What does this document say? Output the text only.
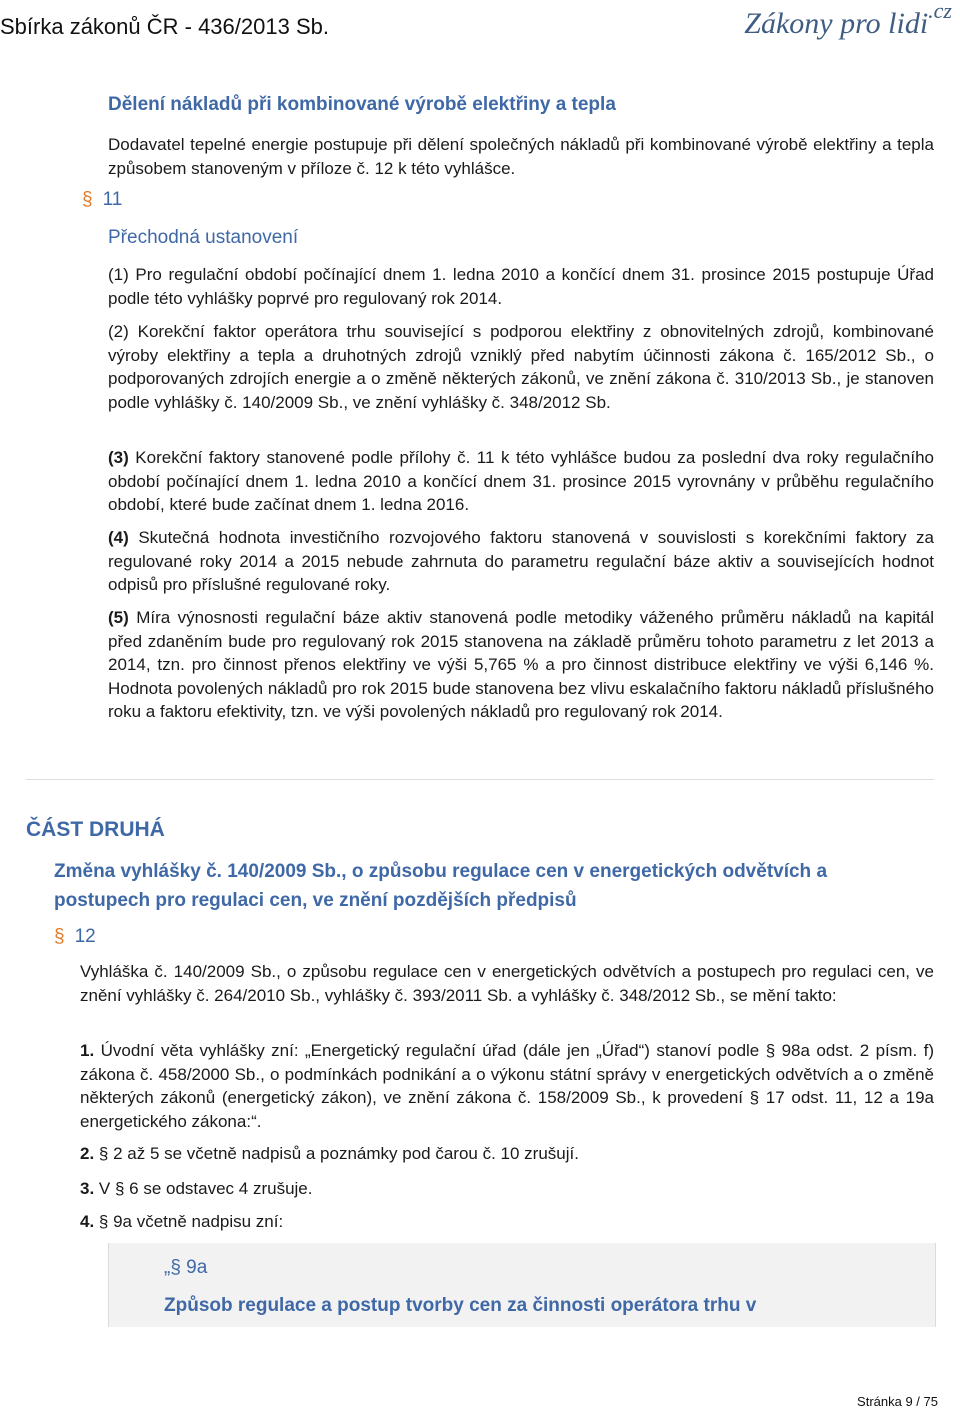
Sbírka zákonů ČR - 436/2013 Sb.	Zákony pro lidi$^{.cz}$
Dělení nákladů při kombinované výrobě elektřiny a tepla
Dodavatel tepelné energie postupuje při dělení společných nákladů při kombinované výrobě elektřiny a tepla způsobem stanoveným v příloze č. 12 k této vyhlášce.
§ 11
Přechodná ustanovení
(1) Pro regulační období počínající dnem 1. ledna 2010 a končící dnem 31. prosince 2015 postupuje Úřad podle této vyhlášky poprvé pro regulovaný rok 2014.
(2) Korekční faktor operátora trhu související s podporou elektřiny z obnovitelných zdrojů, kombinované výroby elektřiny a tepla a druhotných zdrojů vzniklý před nabytím účinnosti zákona č. 165/2012 Sb., o podporovaných zdrojích energie a o změně některých zákonů, ve znění zákona č. 310/2013 Sb., je stanoven podle vyhlášky č. 140/2009 Sb., ve znění vyhlášky č. 348/2012 Sb.
(3) Korekční faktory stanovené podle přílohy č. 11 k této vyhlášce budou za poslední dva roky regulačního období počínající dnem 1. ledna 2010 a končící dnem 31. prosince 2015 vyrovnány v průběhu regulačního období, které bude začínat dnem 1. ledna 2016.
(4) Skutečná hodnota investičního rozvojového faktoru stanovená v souvislosti s korekčními faktory za regulované roky 2014 a 2015 nebude zahrnuta do parametru regulační báze aktiv a souvisejících hodnot odpisů pro příslušné regulované roky.
(5) Míra výnosnosti regulační báze aktiv stanovená podle metodiky váženého průměru nákladů na kapitál před zdaněním bude pro regulovaný rok 2015 stanovena na základě průměru tohoto parametru z let 2013 a 2014, tzn. pro činnost přenos elektřiny ve výši 5,765 % a pro činnost distribuce elektřiny ve výši 6,146 %. Hodnota povolených nákladů pro rok 2015 bude stanovena bez vlivu eskalačního faktoru nákladů příslušného roku a faktoru efektivity, tzn. ve výši povolených nákladů pro regulovaný rok 2014.
ČÁST DRUHÁ
Změna vyhlášky č. 140/2009 Sb., o způsobu regulace cen v energetických odvětvích a postupech pro regulaci cen, ve znění pozdějších předpisů
§ 12
Vyhláška č. 140/2009 Sb., o způsobu regulace cen v energetických odvětvích a postupech pro regulaci cen, ve znění vyhlášky č. 264/2010 Sb., vyhlášky č. 393/2011 Sb. a vyhlášky č. 348/2012 Sb., se mění takto:
1. Úvodní věta vyhlášky zní: „Energetický regulační úřad (dále jen „Úřad“) stanoví podle § 98a odst. 2 písm. f) zákona č. 458/2000 Sb., o podmínkách podnikání a o výkonu státní správy v energetických odvětvích a o změně některých zákonů (energetický zákon), ve znění zákona č. 158/2009 Sb., k provedení § 17 odst. 11, 12 a 19a energetického zákona:“.
2. § 2 až 5 se včetně nadpisů a poznámky pod čarou č. 10 zrušují.
3. V § 6 se odstavec 4 zrušuje.
4. § 9a včetně nadpisu zní:
„§ 9a
Způsob regulace a postup tvorby cen za činnosti operátora trhu v
Stránka 9 / 75
